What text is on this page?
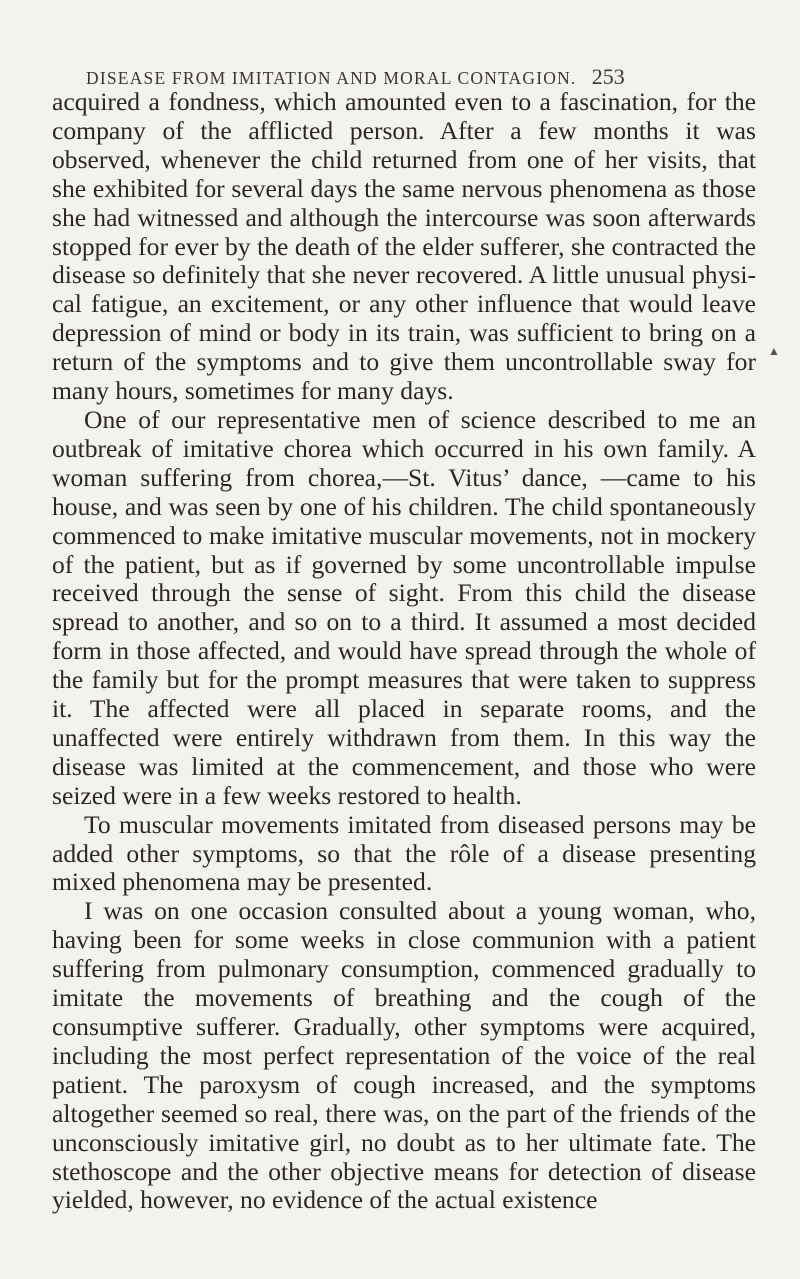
DISEASE FROM IMITATION AND MORAL CONTAGION. 253
▲

acquired a fondness, which amounted even to a fascination, for the company of the afflicted person. After a few months it was observed, whenever the child returned from one of her visits, that she exhibited for several days the same nervous phenomena as those she had witnessed and although the intercourse was soon afterwards stopped for ever by the death of the elder sufferer, she contracted the disease so definitely that she never recovered. A little unusual physical fatigue, an excitement, or any other influence that would leave depression of mind or body in its train, was sufficient to bring on a return of the symptoms and to give them uncontrollable sway for many hours, sometimes for many days.

One of our representative men of science described to me an outbreak of imitative chorea which occurred in his own family. A woman suffering from chorea,—St. Vitus’ dance, —came to his house, and was seen by one of his children. The child spontaneously commenced to make imitative muscular movements, not in mockery of the patient, but as if governed by some uncontrollable impulse received through the sense of sight. From this child the disease spread to another, and so on to a third. It assumed a most decided form in those affected, and would have spread through the whole of the family but for the prompt measures that were taken to suppress it. The affected were all placed in separate rooms, and the unaffected were entirely withdrawn from them. In this way the disease was limited at the commencement, and those who were seized were in a few weeks restored to health.

To muscular movements imitated from diseased persons may be added other symptoms, so that the rôle of a disease presenting mixed phenomena may be presented.

I was on one occasion consulted about a young woman, who, having been for some weeks in close communion with a patient suffering from pulmonary consumption, commenced gradually to imitate the movements of breathing and the cough of the consumptive sufferer. Gradually, other symptoms were acquired, including the most perfect representation of the voice of the real patient. The paroxysm of cough increased, and the symptoms altogether seemed so real, there was, on the part of the friends of the unconsciously imitative girl, no doubt as to her ultimate fate. The stethoscope and the other objective means for detection of disease yielded, however, no evidence of the actual existence
